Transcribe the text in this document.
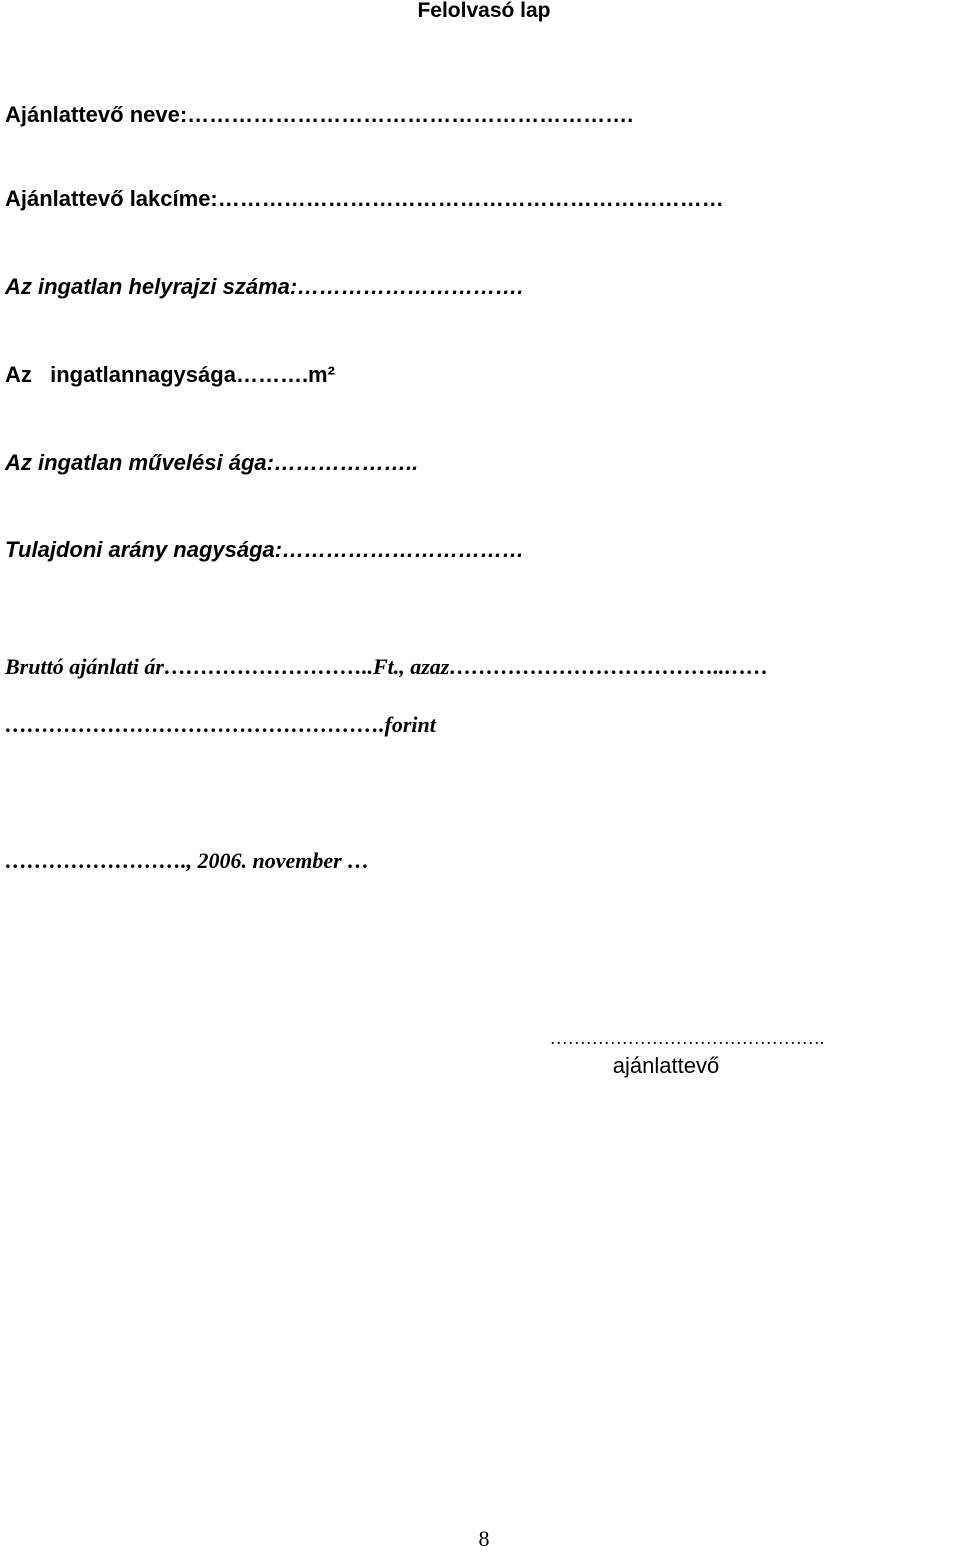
Felolvasó lap
Ajánlattevő neve:…………………………………………………….
Ajánlattevő lakcíme:……………………………………………………………
Az ingatlan helyrajzi száma:………………………….
Az  ingatlannagysága……….m²
Az ingatlan művelési ága:………………..
Tulajdoni arány nagysága:……………………………
Bruttó ajánlati ár………………………..Ft., azaz………………………………..……
…………………………………………….forint
……………………., 2006. november …
……………………………………….
ajánlattevő
8
